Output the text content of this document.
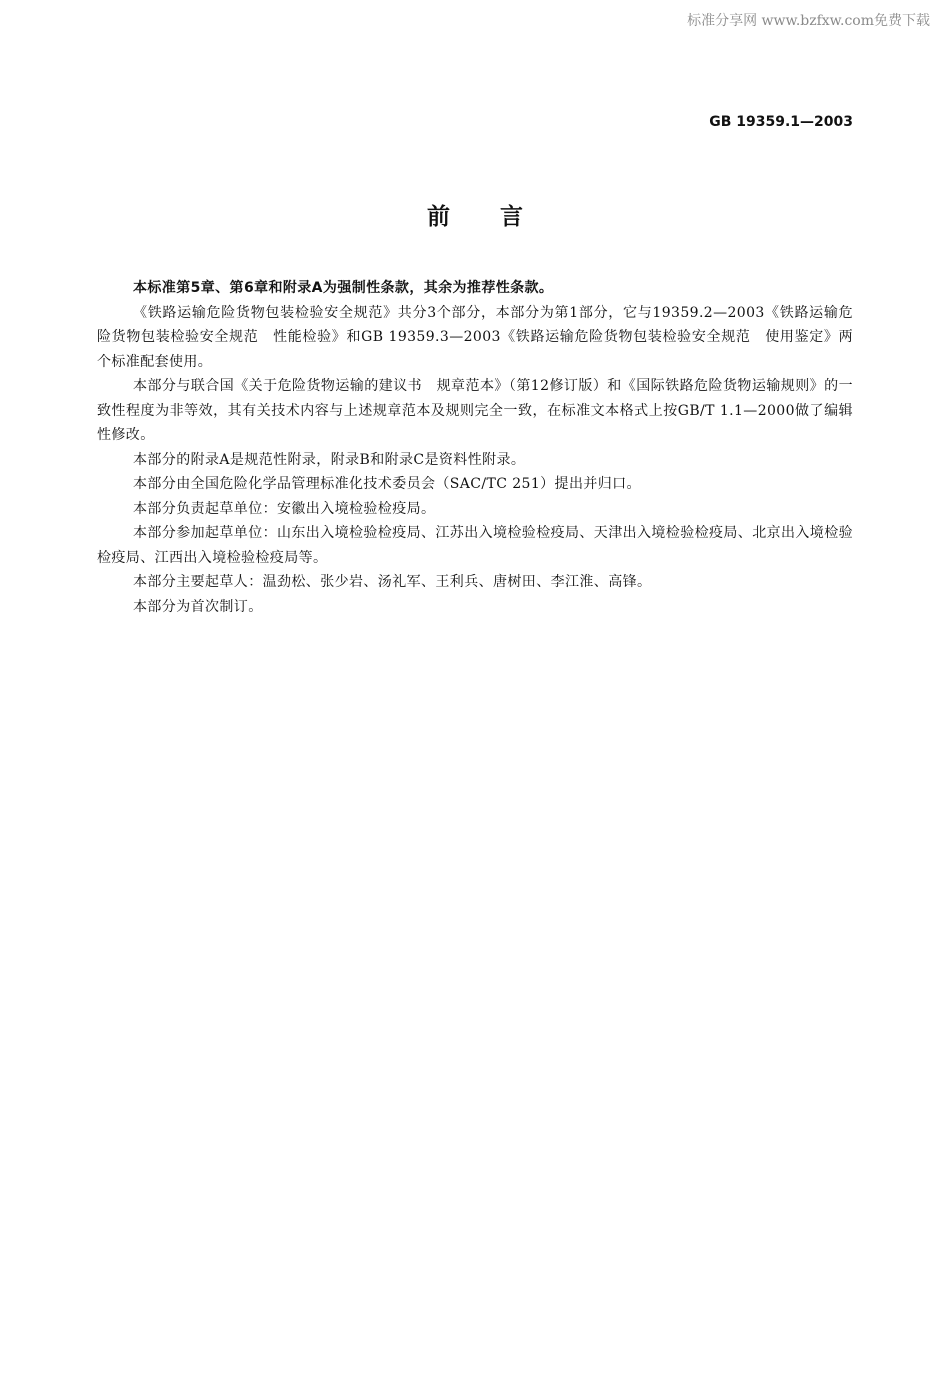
标准分享网 www.bzfxw.com免费下载
GB 19359.1—2003
前言

本标准第5章、第6章和附录A为强制性条款，其余为推荐性条款。

《铁路运输危险货物包装检验安全规范》共分3个部分，本部分为第1部分，它与19359.2—2003《铁路运输危险货物包装检验安全规范　性能检验》和GB 19359.3—2003《铁路运输危险货物包装检验安全规范　使用鉴定》两个标准配套使用。

本部分与联合国《关于危险货物运输的建议书　规章范本》（第12修订版）和《国际铁路危险货物运输规则》的一致性程度为非等效，其有关技术内容与上述规章范本及规则完全一致，在标准文本格式上按GB/T 1.1—2000做了编辑性修改。

本部分的附录A是规范性附录，附录B和附录C是资料性附录。

本部分由全国危险化学品管理标准化技术委员会（SAC/TC 251）提出并归口。

本部分负责起草单位：安徽出入境检验检疫局。

本部分参加起草单位：山东出入境检验检疫局、江苏出入境检验检疫局、天津出入境检验检疫局、北京出入境检验检疫局、江西出入境检验检疫局等。

本部分主要起草人：温劲松、张少岩、汤礼军、王利兵、唐树田、李江淮、高锋。

本部分为首次制订。
